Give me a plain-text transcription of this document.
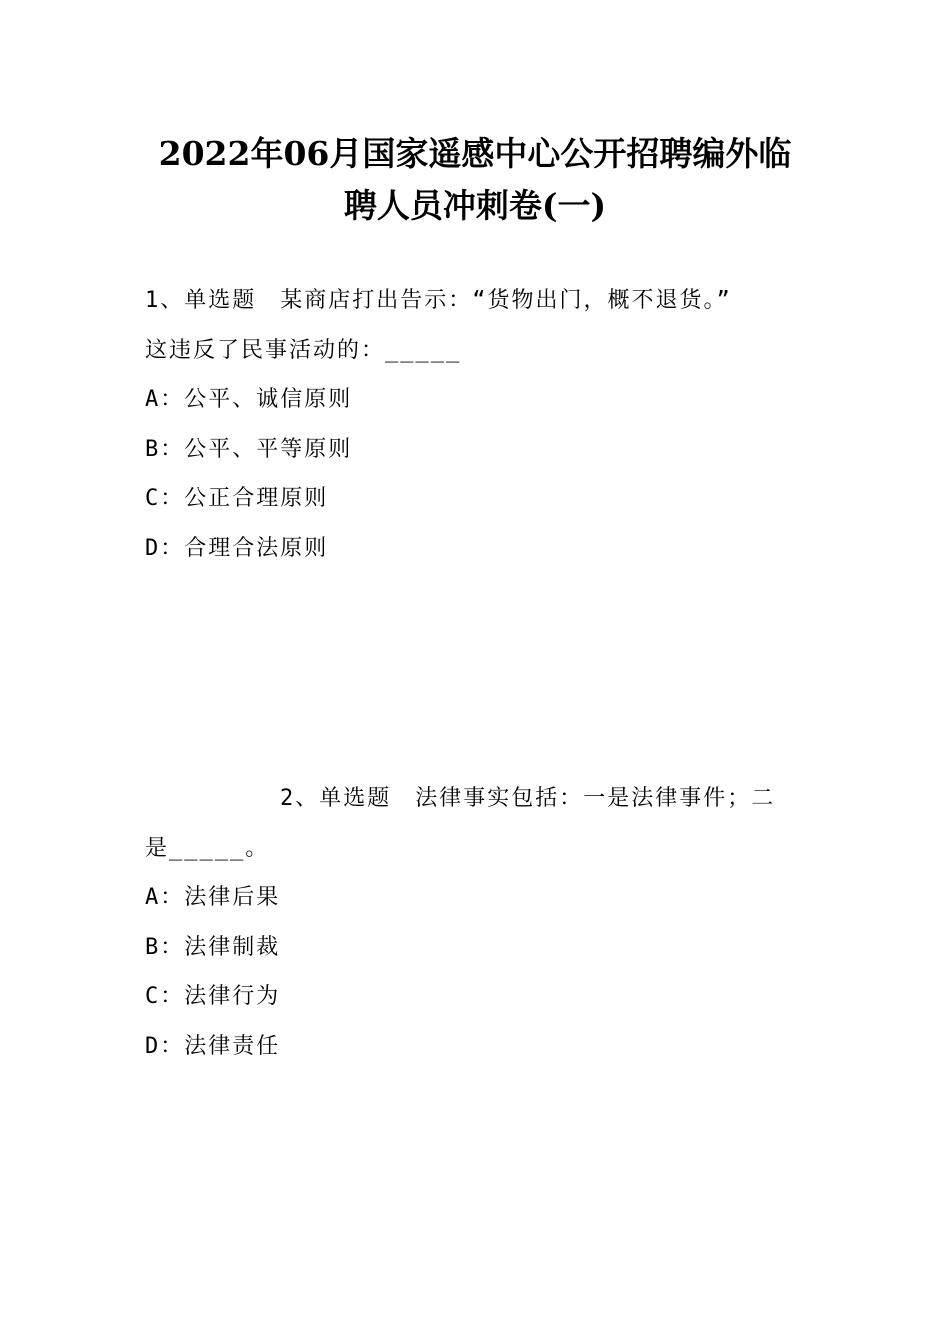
2022年06月国家遥感中心公开招聘编外临
聘人员冲刺卷(一)
1、单选题　某商店打出告示：“货物出门，概不退货。”
这违反了民事活动的：_____
A：公平、诚信原则
B：公平、平等原则
C：公正合理原则
D：合理合法原则
2、单选题　法律事实包括：一是法律事件；二
是_____。
A：法律后果
B：法律制裁
C：法律行为
D：法律责任
